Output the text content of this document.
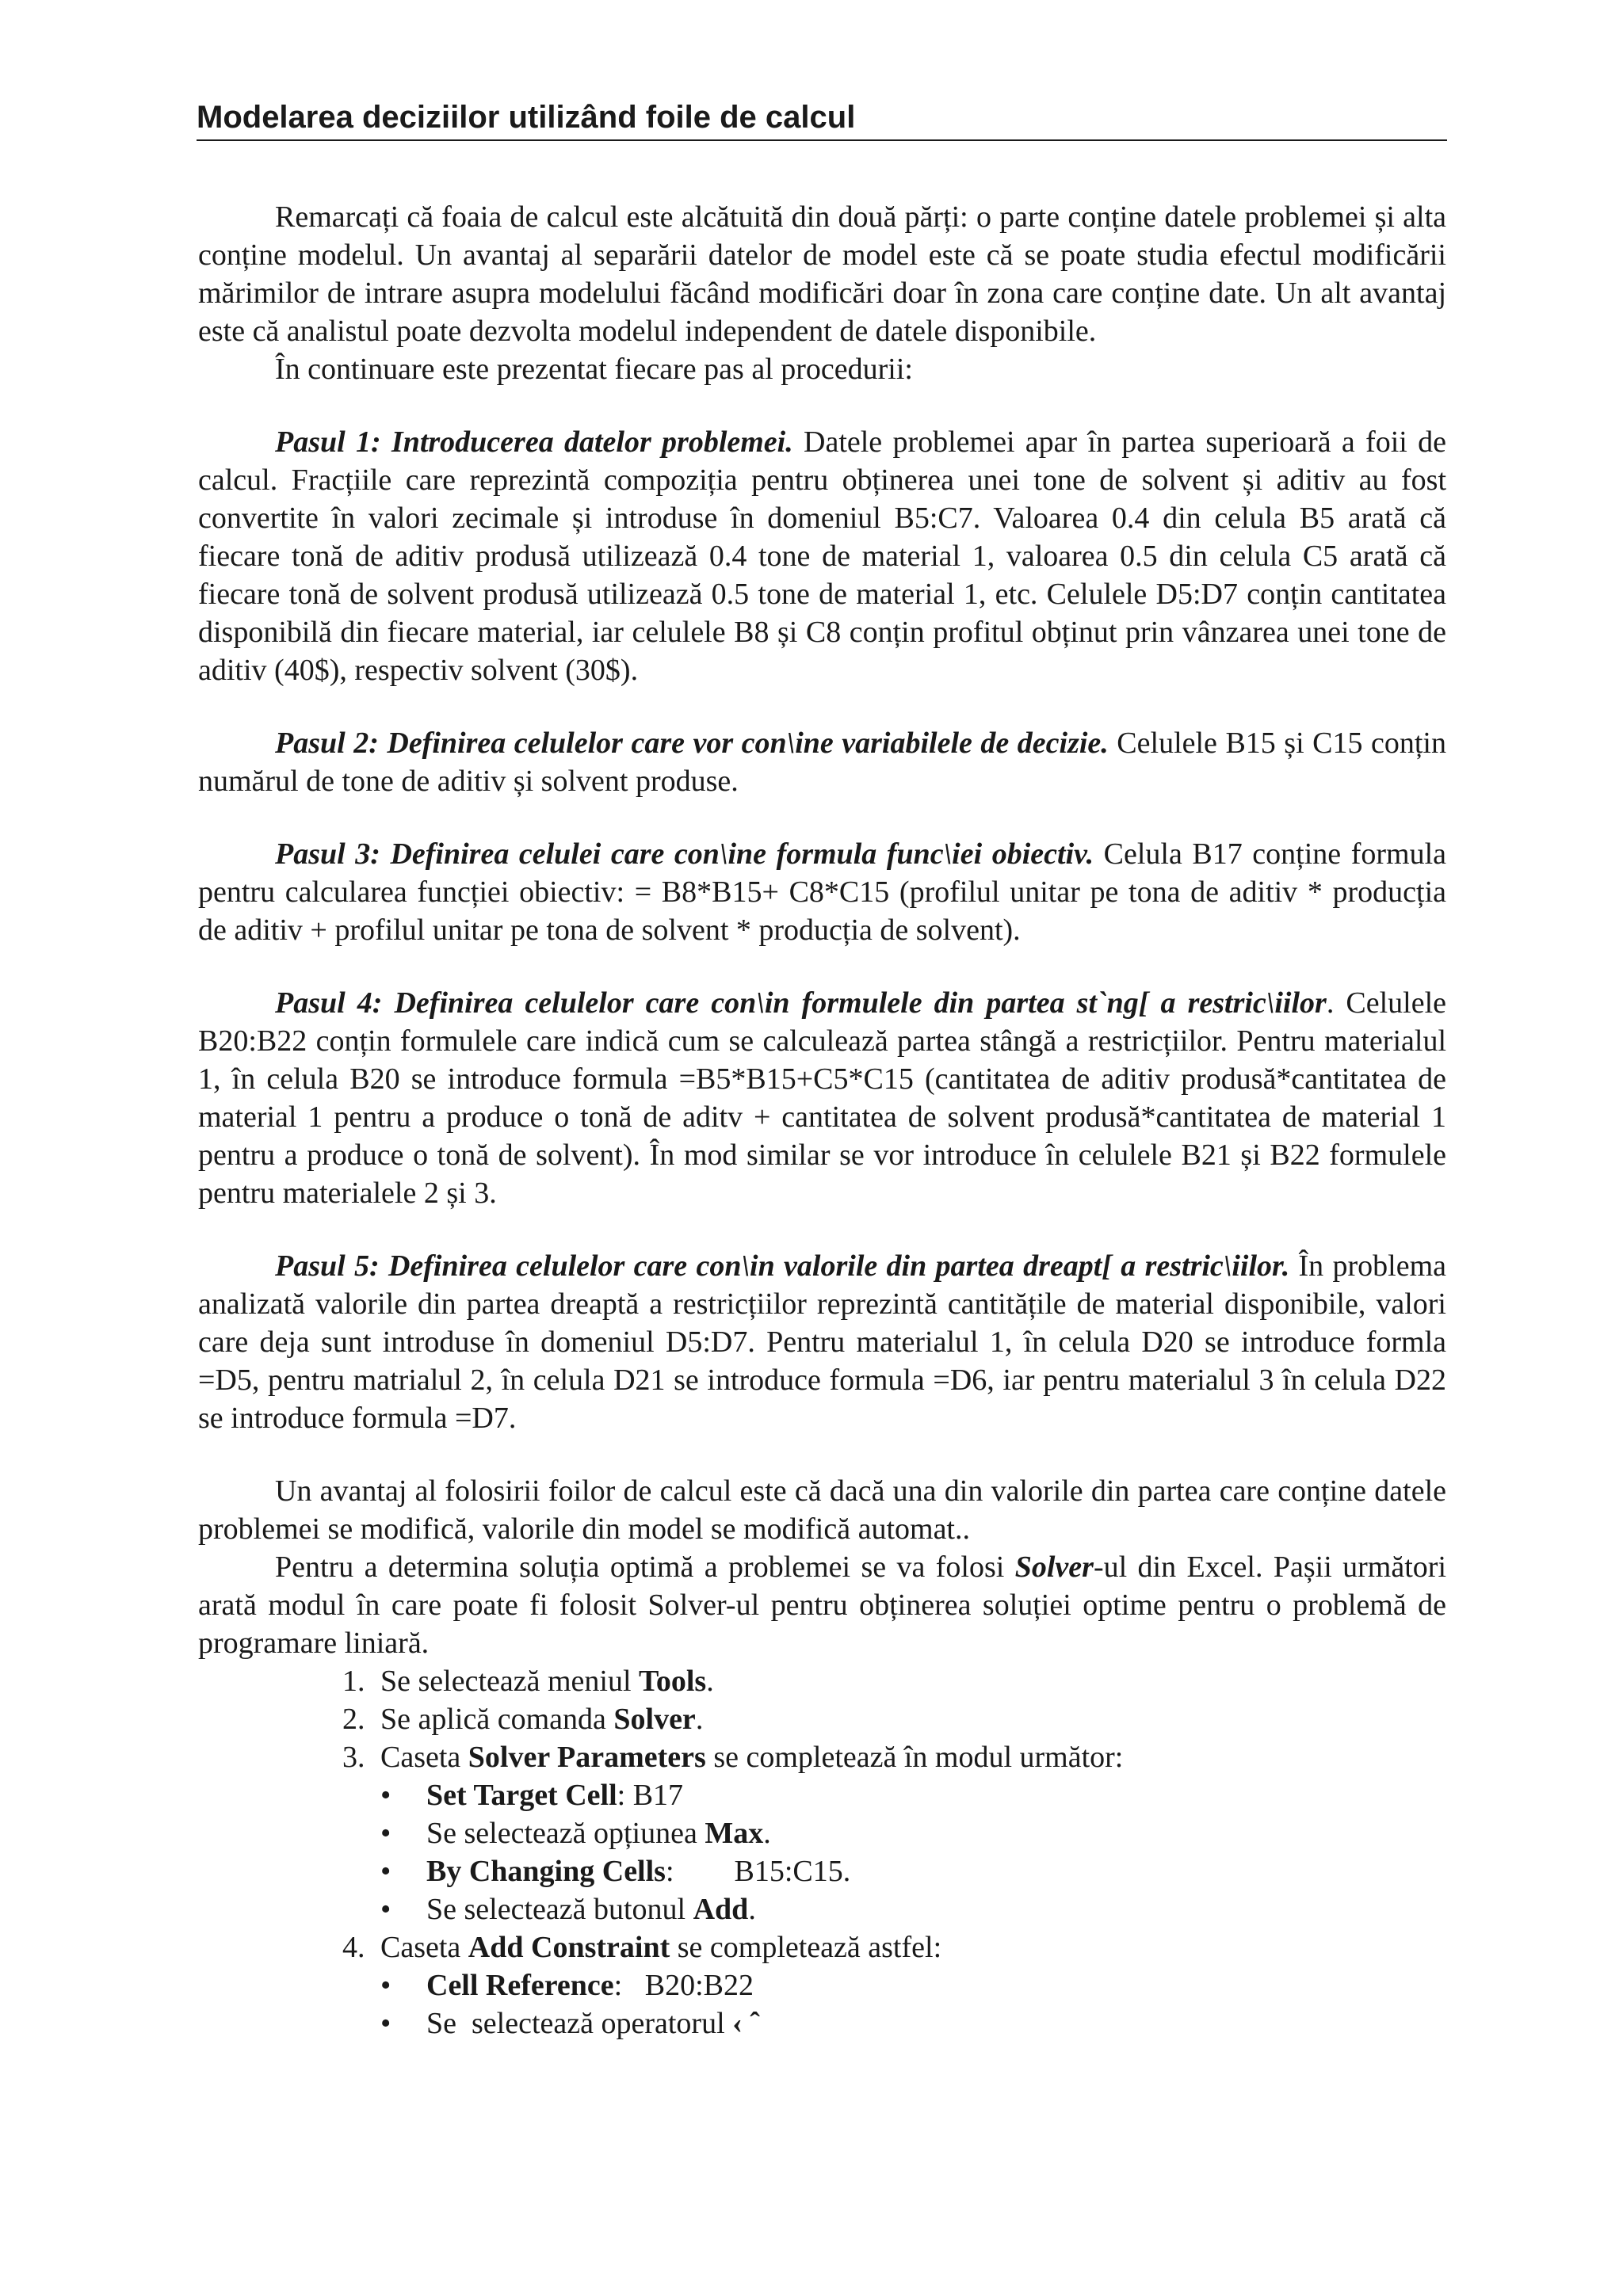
Modelarea deciziilor utilizând foile de calcul

Remarcați că foaia de calcul este alcătuită din două părți: o parte conține datele problemei și alta conține modelul. Un avantaj al separării datelor de model este că se poate studia efectul modificării mărimilor de intrare asupra modelului făcând modificări doar în zona care conține date. Un alt avantaj este că analistul poate dezvolta modelul independent de datele disponibile.

În continuare este prezentat fiecare pas al procedurii:

Pasul 1: Introducerea datelor problemei. Datele problemei apar în partea superioară a foii de calcul. Fracțiile care reprezintă compoziția pentru obținerea unei tone de solvent și aditiv au fost convertite în valori zecimale și introduse în domeniul B5:C7. Valoarea 0.4 din celula B5 arată că fiecare tonă de aditiv produsă utilizează 0.4 tone de material 1, valoarea 0.5 din celula C5 arată că fiecare tonă de solvent produsă utilizează 0.5 tone de material 1, etc. Celulele D5:D7 conțin cantitatea disponibilă din fiecare material, iar celulele B8 și C8 conțin profitul obținut prin vânzarea unei tone de aditiv (40$), respectiv solvent (30$).

Pasul 2: Definirea celulelor care vor con\ine variabilele de decizie. Celulele B15 și C15 conțin numărul de tone de aditiv și solvent produse.

Pasul 3: Definirea celulei care con\ine formula func\iei obiectiv. Celula B17 conține formula pentru calcularea funcției obiectiv: = B8*B15+ C8*C15 (profilul unitar pe tona de aditiv * producția de aditiv + profilul unitar pe tona de solvent * producția de solvent).

Pasul 4: Definirea celulelor care con\in formulele din partea st`ng[ a restric\iilor. Celulele B20:B22 conțin formulele care indică cum se calculează partea stângă a restricțiilor. Pentru materialul 1, în celula B20 se introduce formula =B5*B15+C5*C15 (cantitatea de aditiv produsă*cantitatea de material 1 pentru a produce o tonă de aditv + cantitatea de solvent produsă*cantitatea de material 1 pentru a produce o tonă de solvent). În mod similar se vor introduce în celulele B21 și B22 formulele pentru materialele 2 și 3.

Pasul 5: Definirea celulelor care con\in valorile din partea dreapt[ a restric\iilor. În problema analizată valorile din partea dreaptă a restricțiilor reprezintă cantitățile de material disponibile, valori care deja sunt introduse în domeniul D5:D7. Pentru materialul 1, în celula D20 se introduce formla =D5, pentru matrialul 2, în celula D21 se introduce formula =D6, iar pentru materialul 3 în celula D22 se introduce formula =D7.

Un avantaj al folosirii foilor de calcul este că dacă una din valorile din partea care conține datele problemei se modifică, valorile din model se modifică automat..

Pentru a determina soluția optimă a problemei se va folosi Solver-ul din Excel. Pașii următori arată modul în care poate fi folosit Solver-ul pentru obținerea soluției optime pentru o problemă de programare liniară.

1. Se selectează meniul Tools.
2. Se aplică comanda Solver.
3. Caseta Solver Parameters se completează în modul următor:
• Set Target Cell: B17
• Se selectează opțiunea Max.
• By Changing Cells:        B15:C15.
• Se selectează butonul Add.
4. Caseta Add Constraint se completează astfel:
• Cell Reference:   B20:B22
• Se  selectează operatorul ‹ ˆ
